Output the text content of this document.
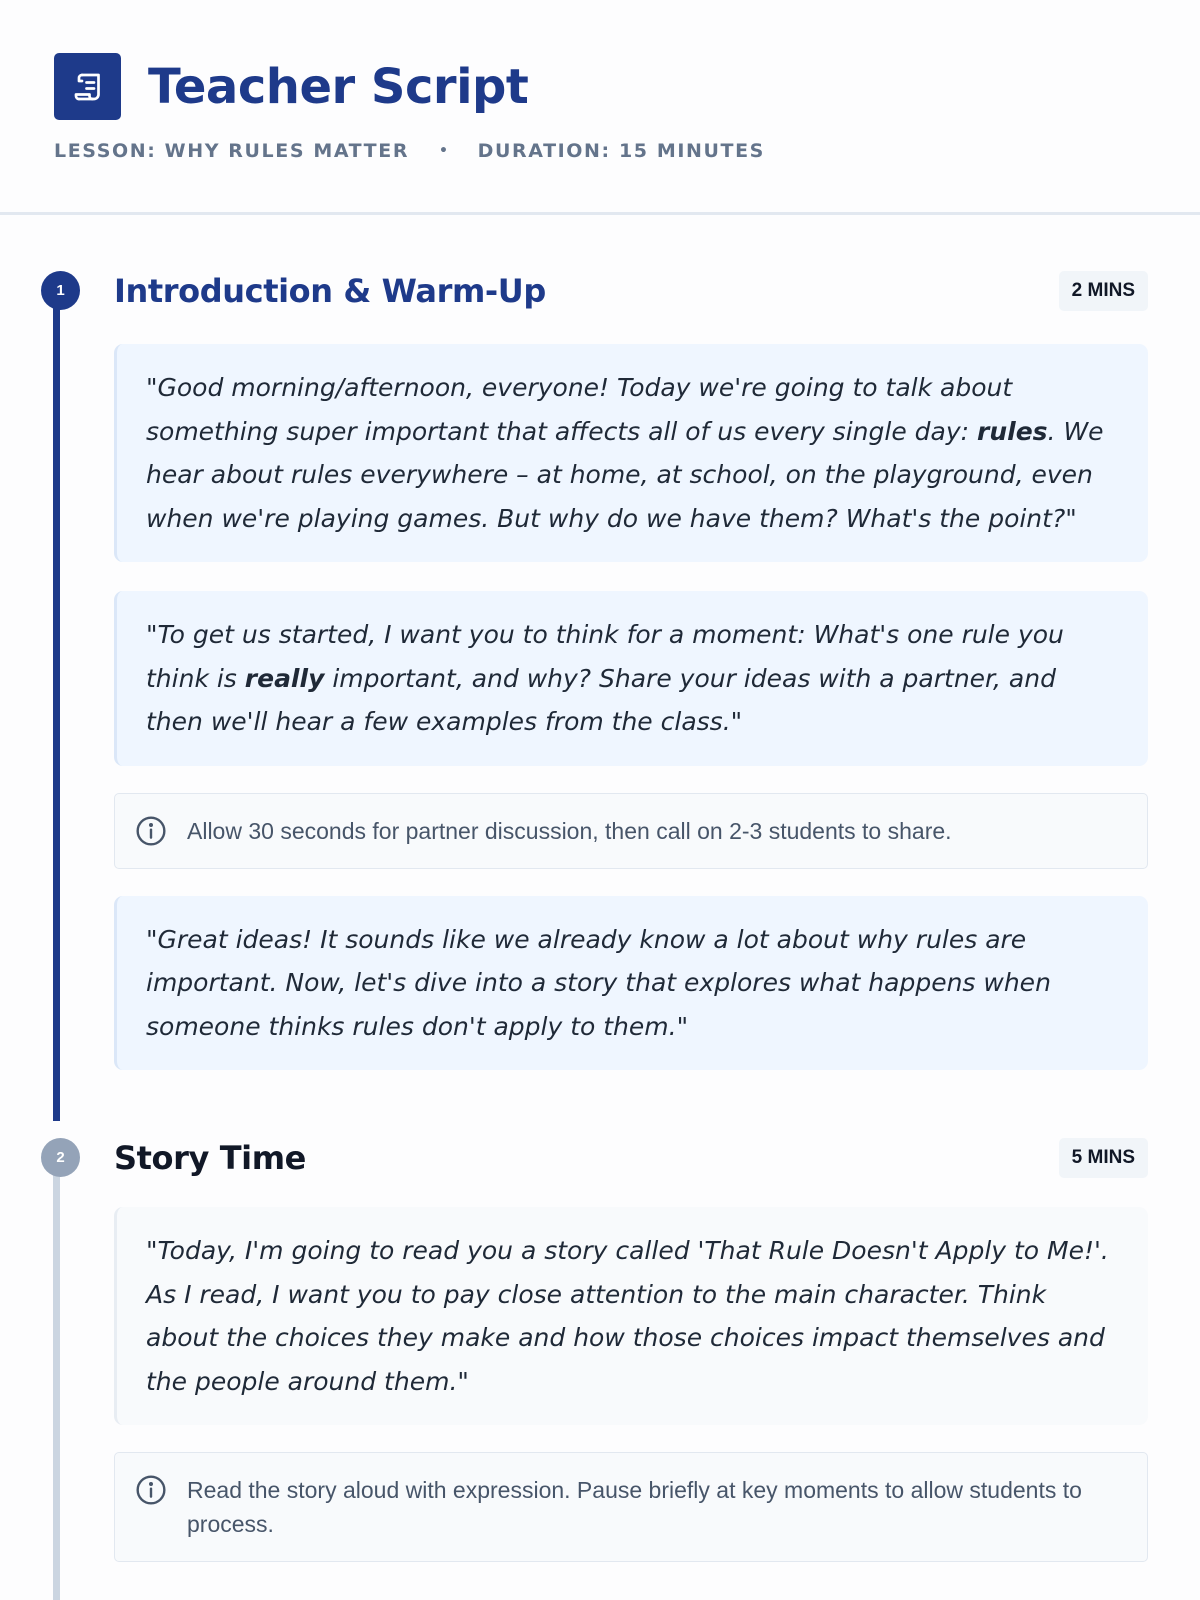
Teacher Script
LESSON: WHY RULES MATTER • DURATION: 15 MINUTES
1	Introduction & Warm-Up	2 MINS
"Good morning/afternoon, everyone! Today we're going to talk about something super important that affects all of us every single day: rules. We hear about rules everywhere – at home, at school, on the playground, even when we're playing games. But why do we have them? What's the point?"
"To get us started, I want you to think for a moment: What's one rule you think is really important, and why? Share your ideas with a partner, and then we'll hear a few examples from the class."
Allow 30 seconds for partner discussion, then call on 2-3 students to share.
"Great ideas! It sounds like we already know a lot about why rules are important. Now, let's dive into a story that explores what happens when someone thinks rules don't apply to them."
2	Story Time	5 MINS
"Today, I'm going to read you a story called 'That Rule Doesn't Apply to Me!'. As I read, I want you to pay close attention to the main character. Think about the choices they make and how those choices impact themselves and the people around them."
Read the story aloud with expression. Pause briefly at key moments to allow students to process.
